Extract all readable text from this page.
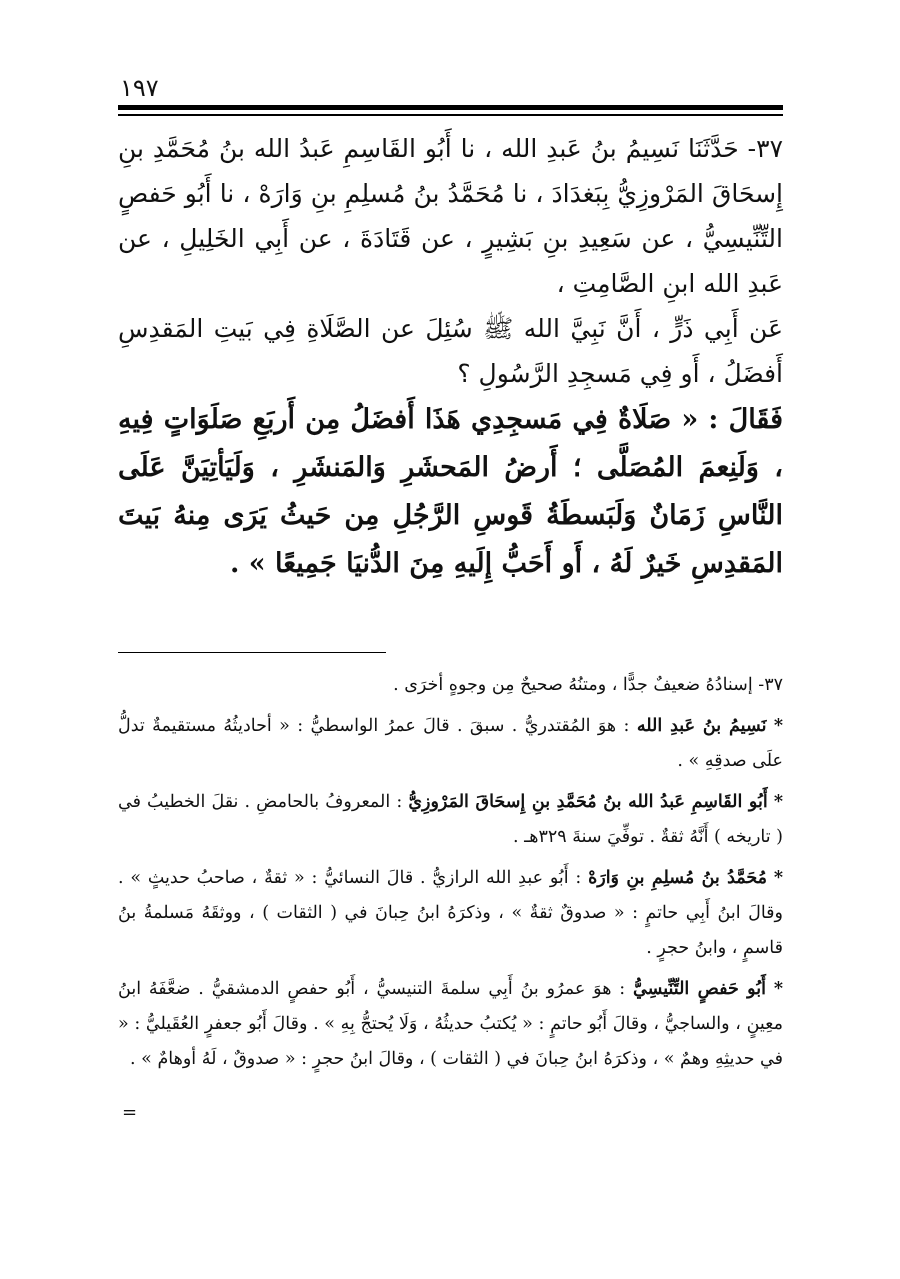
١٩٧

٣٧- حَدَّثَنَا نَسِيمُ بنُ عَبدِ الله ، نا أَبُو القَاسِمِ عَبدُ الله بنُ مُحَمَّدِ بنِ إِسحَاقَ المَرْوزِيُّ بِبَغدَادَ ، نا مُحَمَّدُ بنُ مُسلِمِ بنِ وَارَهْ ، نا أَبُو حَفصٍ التِّنِّيسِيُّ ، عن سَعِيدِ بنِ بَشِيرٍ ، عن قَتَادَةَ ، عن أَبِي الخَلِيلِ ، عن عَبدِ الله ابنِ الصَّامِتِ ،

عَن أَبِي ذَرٍّ ، أَنَّ نَبِيَّ الله ﷺ سُئِلَ عن الصَّلَاةِ فِي بَيتِ المَقدِسِ أَفضَلُ ، أَو فِي مَسجِدِ الرَّسُولِ ؟

فَقَالَ : « صَلَاةٌ فِي مَسجِدِي هَذَا أَفضَلُ مِن أَربَعِ صَلَوَاتٍ فِيهِ ، وَلَنِعمَ المُصَلَّى ؛ أَرضُ المَحشَرِ وَالمَنشَرِ ، وَلَيَأتِيَنَّ عَلَى النَّاسِ زَمَانٌ وَلَبَسطَةُ قَوسِ الرَّجُلِ مِن حَيثُ يَرَى مِنهُ بَيتَ المَقدِسِ خَيرٌ لَهُ ، أَو أَحَبُّ إِلَيهِ مِنَ الدُّنيَا جَمِيعًا » .

٣٧- إسنادُهُ ضعيفٌ جدًّا ، ومتنُهُ صحيحٌ مِن وجوهٍ أخرَى .

* نَسِيمُ بنُ عَبدِ الله : هوَ المُقتدريُّ . سبقَ . قالَ عمرُ الواسطيُّ : « أحاديثُهُ مستقيمةٌ تدلُّ علَى صدقِهِ » .

* أَبُو القَاسِمِ عَبدُ الله بنُ مُحَمَّدِ بنِ إِسحَاقَ المَرْوزِيُّ : المعروفُ بالحامضِ . نقلَ الخطيبُ في ( تاريخه ) أَنَّهُ ثقةٌ . توفِّيَ سنةَ ٣٢٩هـ .

* مُحَمَّدُ بنُ مُسلِمِ بنِ وَارَهْ : أَبُو عبدِ الله الرازيُّ . قالَ النسائيُّ : « ثقةٌ ، صاحبُ حديثٍ » . وقالَ ابنُ أَبِي حاتمٍ : « صدوقٌ ثقةٌ » ، وذكرَهُ ابنُ حِبانَ في ( الثقات ) ، ووثقَهُ مَسلمةُ بنُ قاسمٍ ، وابنُ حجرٍ .

* أَبُو حَفصٍ التِّنِّيسِيُّ : هوَ عمرُو بنُ أَبِي سلمةَ التنيسيُّ ، أَبُو حفصٍ الدمشقيُّ . ضعَّفَهُ ابنُ معِينٍ ، والساجيُّ ، وقالَ أَبُو حاتمٍ : « يُكتبُ حديثُهُ ، وَلَا يُحتجُّ بِهِ » . وقالَ أَبُو جعفرٍ العُقَيليُّ : « في حديثِهِ وهمٌ » ، وذكرَهُ ابنُ حِبانَ في ( الثقات ) ، وقالَ ابنُ حجرٍ : « صدوقٌ ، لَهُ أوهامٌ » .

=
